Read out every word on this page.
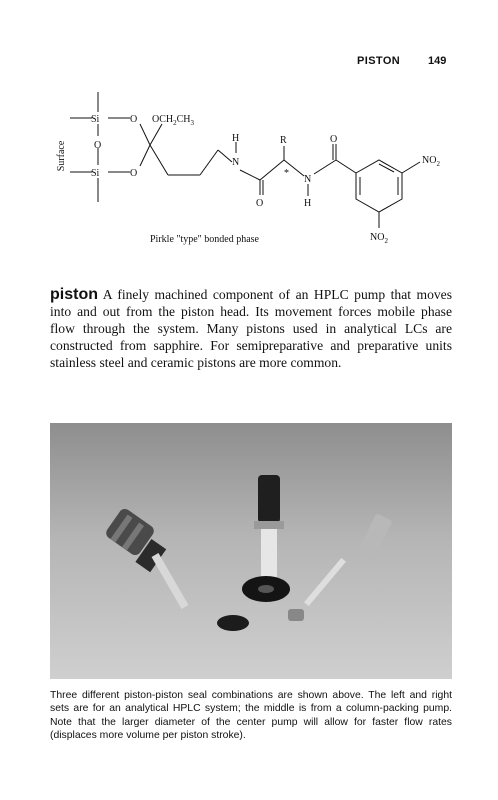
PISTON	149
Surface
Si
Si
O
O
O
$OCH_2CH_3$
H
N
O
R
*
N
H
O
$NO_2$
$NO_2$
Pirkle "type" bonded phase
piston A finely machined component of an HPLC pump that moves into and out from the piston head. Its movement forces mobile phase flow through the system. Many pistons used in analytical LCs are constructed from sapphire. For semipreparative and preparative units stainless steel and ceramic pistons are more common.
Three different piston-piston seal combinations are shown above. The left and right sets are for an analytical HPLC system; the middle is from a column-packing pump. Note that the larger diameter of the center pump will allow for faster flow rates (displaces more volume per piston stroke).
